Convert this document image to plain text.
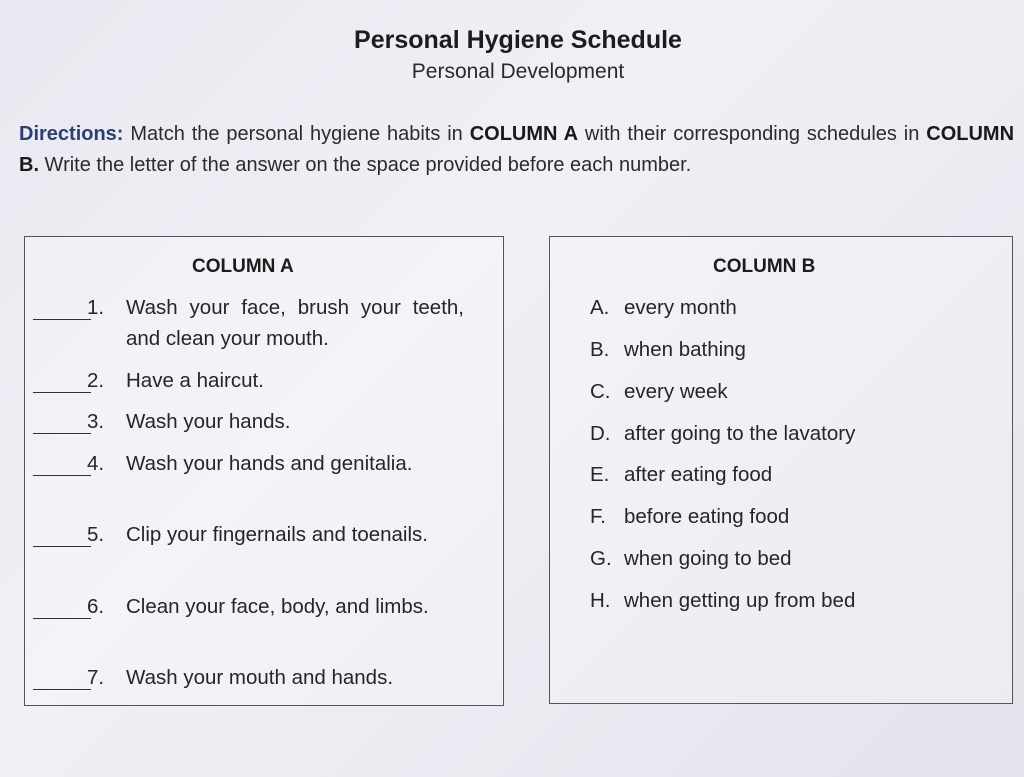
Personal Hygiene Schedule
Personal Development
Directions: Match the personal hygiene habits in COLUMN A with their corresponding schedules in COLUMN B. Write the letter of the answer on the space provided before each number.
COLUMN A
1. Wash your face, brush your teeth, and clean your mouth.
2. Have a haircut.
3. Wash your hands.
4. Wash your hands and genitalia.
5. Clip your fingernails and toenails.
6. Clean your face, body, and limbs.
7. Wash your mouth and hands.
COLUMN B
A. every month
B. when bathing
C. every week
D. after going to the lavatory
E. after eating food
F. before eating food
G. when going to bed
H. when getting up from bed
